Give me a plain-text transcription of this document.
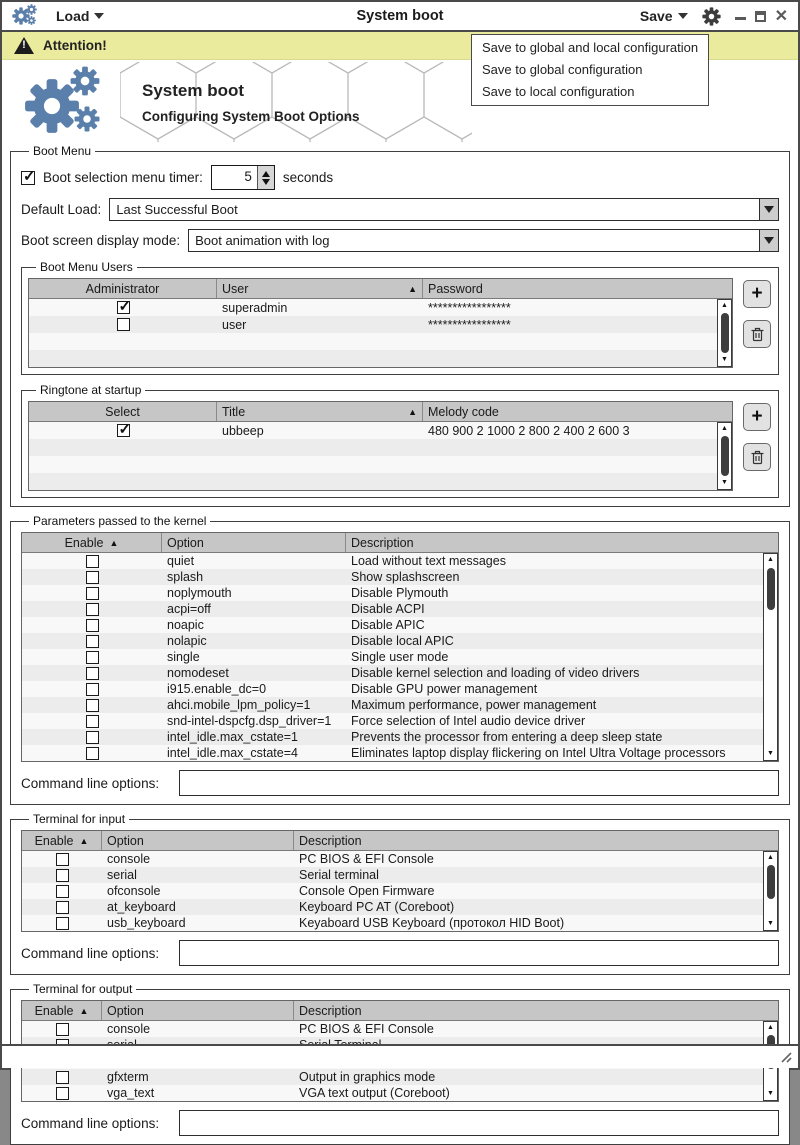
Load	System boot	Save	✕
!	Attention!	Save to global and local configuration
Save to global configuration
Save to local configuration
System boot
Configuring System Boot Options
Boot Menu
✓
Boot selection menu timer:	5	seconds
Default Load:	Last Successful Boot
Boot screen display mode:	Boot animation with log
Boot Menu Users
Administrator	User	▲ Password
✓
superadmin	*****************
user	*****************
▲
▼
+
Ringtone at startup
Select	Title	▲ Melody code
✓
ubbeep	480 900 2 1000 2 800 2 400 2 600 3	▲
▼
+
Parameters passed to the kernel
Enable ▲	Option	Description
quiet	Load without text messages
splash	Show splashscreen
noplymouth	Disable Plymouth
acpi=off	Disable ACPI
noapic	Disable APIC
nolapic	Disable local APIC
single	Single user mode
nomodeset	Disable kernel selection and loading of video drivers
i915.enable_dc=0	Disable GPU power management
ahci.mobile_lpm_policy=1	Maximum performance, power management
snd-intel-dspcfg.dsp_driver=1	Force selection of Intel audio device driver
intel_idle.max_cstate=1	Prevents the processor from entering a deep sleep state
intel_idle.max_cstate=4	Eliminates laptop display flickering on Intel Ultra Voltage processors
▲
▼
Command line options:
Terminal for input
Enable ▲ Option	Description
console	PC BIOS & EFI Console
serial	Serial terminal
ofconsole	Console Open Firmware
at_keyboard	Keyboard PC AT (Coreboot)
usb_keyboard	Keyaboard USB Keyboard (протокол HID Boot)
▲
▼
Command line options:
Terminal for output
Enable ▲ Option	Description
console	PC BIOS & EFI Console
gfxterm	Output in graphics mode
vga_text	VGA text output (Coreboot)
▲
▼
Command line options:
